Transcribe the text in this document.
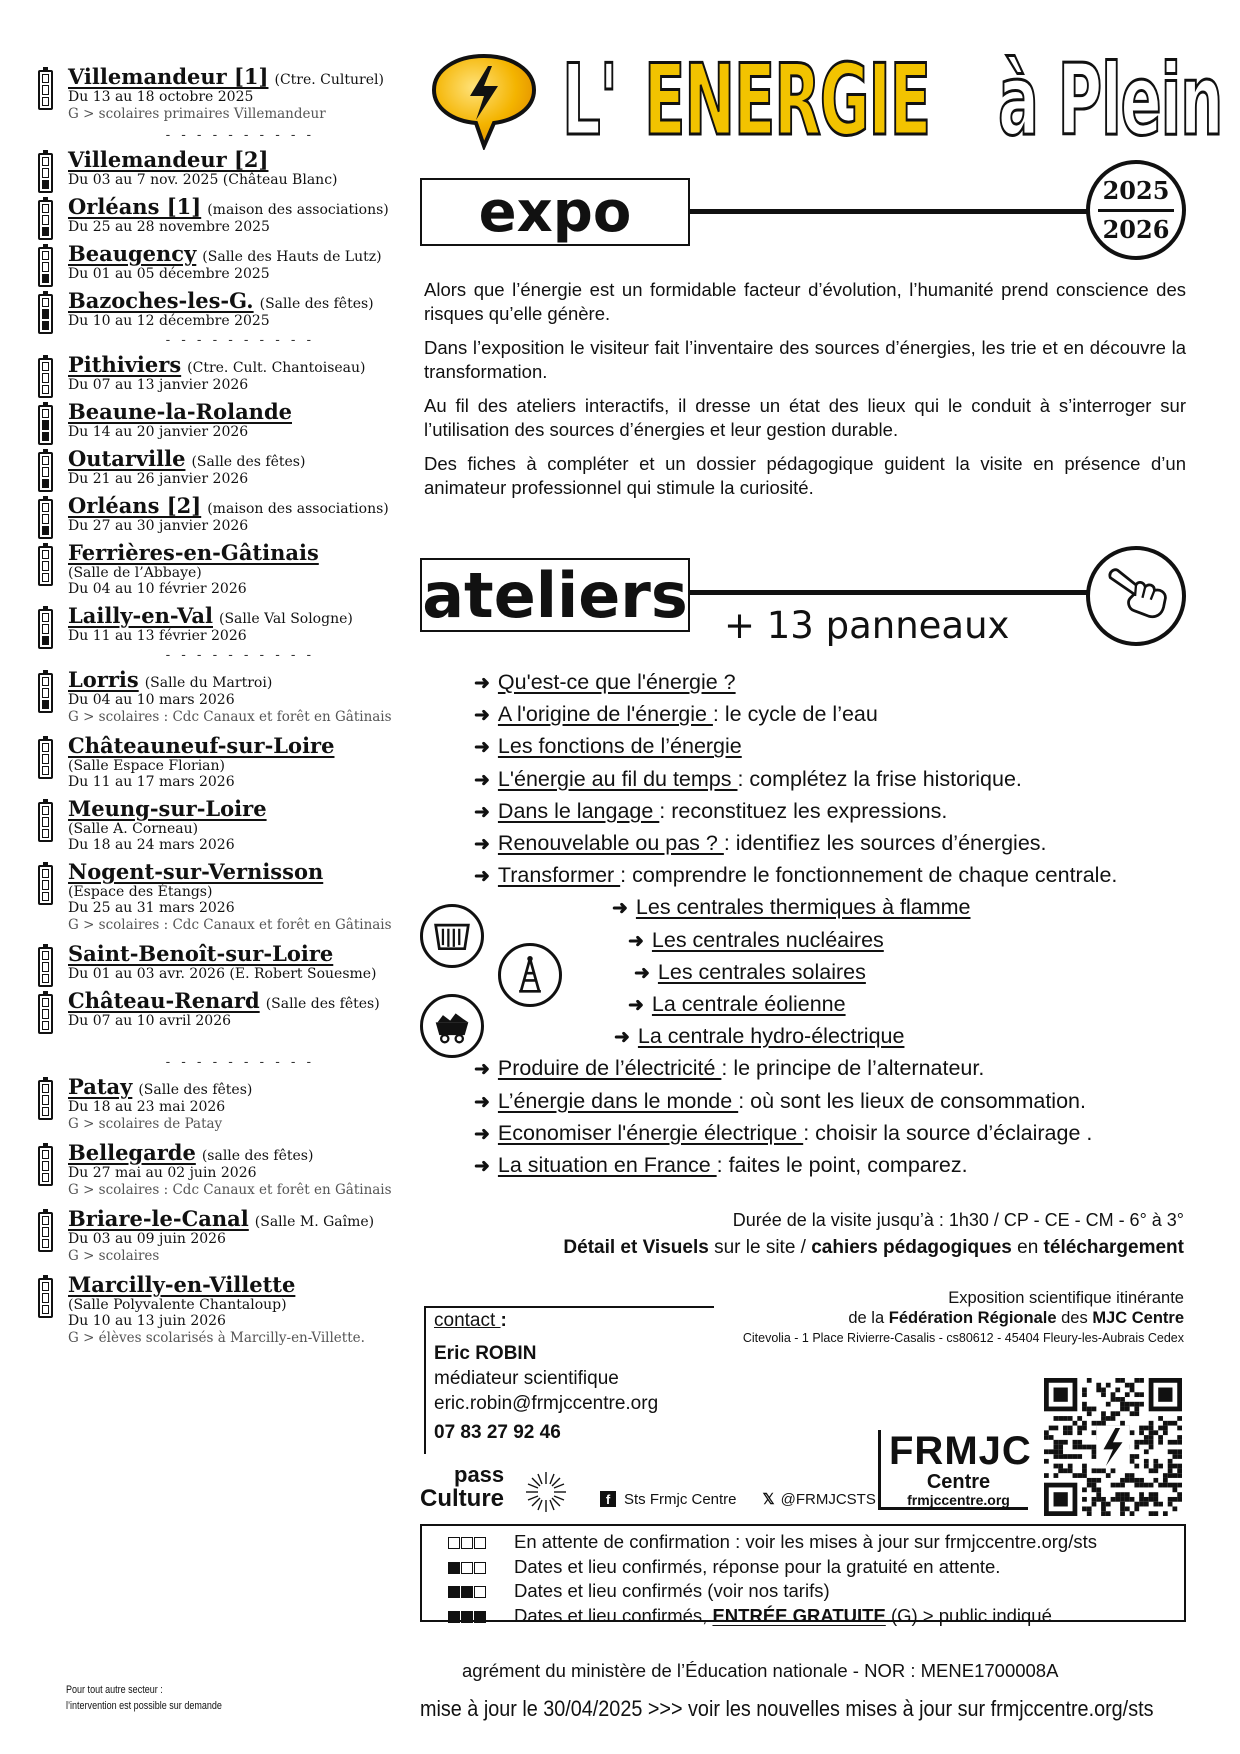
Villemandeur [1] (Ctre. Culturel)
Du 13 au 18 octobre 2025
G > scolaires primaires Villemandeur
- - - - - - - - - -
Villemandeur [2]
Du 03 au 7 nov. 2025 (Château Blanc)
Orléans [1] (maison des associations)
Du 25 au 28 novembre 2025
Beaugency (Salle des Hauts de Lutz)
Du 01 au 05 décembre 2025
Bazoches-les-G. (Salle des fêtes)
Du 10 au 12 décembre 2025
- - - - - - - - - -
Pithiviers (Ctre. Cult. Chantoiseau)
Du 07 au 13 janvier 2026
Beaune-la-Rolande
Du 14 au 20 janvier 2026
Outarville (Salle des fêtes)
Du 21 au 26 janvier 2026
Orléans [2] (maison des associations)
Du 27 au 30 janvier 2026
Ferrières-en-Gâtinais
(Salle de l’Abbaye)
Du 04 au 10 février 2026
Lailly-en-Val (Salle Val Sologne)
Du 11 au 13 février 2026
- - - - - - - - - -
Lorris (Salle du Martroi)
Du 04 au 10 mars 2026
G > scolaires : Cdc Canaux et forêt en Gâtinais
Châteauneuf-sur-Loire
(Salle Espace Florian)
Du 11 au 17 mars 2026
Meung-sur-Loire
(Salle A. Corneau)
Du 18 au 24 mars 2026
Nogent-sur-Vernisson
(Espace des Étangs)
Du 25 au 31 mars 2026
G > scolaires : Cdc Canaux et forêt en Gâtinais
Saint-Benoît-sur-Loire
Du 01 au 03 avr. 2026 (E. Robert Souesme)
Château-Renard (Salle des fêtes)
Du 07 au 10 avril 2026
- - - - - - - - - -
Patay (Salle des fêtes)
Du 18 au 23 mai 2026
G > scolaires de Patay
Bellegarde (salle des fêtes)
Du 27 mai au 02 juin 2026
G > scolaires : Cdc Canaux et forêt en Gâtinais
Briare-le-Canal (Salle M. Gaîme)
Du 03 au 09 juin 2026
G > scolaires
Marcilly-en-Villette
(Salle Polyvalente Chantaloup)
Du 10 au 13 juin 2026
G > élèves scolarisés à Marcilly-en-Villette.
Pour tout autre secteur :
l’intervention est possible sur demande
L' ENERGIE à Plein
expo	2025
2026

Alors que l’énergie est un formidable facteur d’évolution, l’humanité prend conscience des risques qu’elle génère.

Dans l’exposition le visiteur fait l’inventaire des sources d’énergies, les trie et en découvre la transformation.

Au fil des ateliers interactifs, il dresse un état des lieux qui le conduit à s’interroger sur l’utilisation des sources d’énergies et leur gestion durable.

Des fiches à compléter et un dossier pédagogique guident la visite en présence d’un animateur professionnel qui stimule la curiosité.

ateliers + 13 panneaux
➜ Qu'est-ce que l'énergie ?
➜ A l'origine de l'énergie : le cycle de l’eau
➜ Les fonctions de l’énergie
➜ L'énergie au fil du temps : complétez la frise historique.
➜ Dans le langage : reconstituez les expressions.
➜ Renouvelable ou pas ? : identifiez les sources d’énergies.
➜ Transformer : comprendre le fonctionnement de chaque centrale.
➜ Les centrales thermiques à flamme
➜ Les centrales nucléaires
➜ Les centrales solaires
➜ La centrale éolienne
➜ La centrale hydro-électrique
➜ Produire de l’électricité : le principe de l’alternateur.
➜ L’énergie dans le monde : où sont les lieux de consommation.
➜ Economiser l'énergie électrique : choisir la source d’éclairage .
➜ La situation en France : faites le point, comparez.
Durée de la visite jusqu’à : 1h30 / CP - CE - CM - 6° à 3°
Détail et Visuels sur le site / cahiers pédagogiques en téléchargement
contact :
Eric ROBIN
médiateur scientifique
eric.robin@frmjccentre.org
07 83 27 92 46
Exposition scientifique itinérante
de la Fédération Régionale des MJC Centre
Citevolia - 1 Place Rivierre-Casalis - cs80612 - 45404 Fleury-les-Aubrais Cedex
pass
Culture	f Sts Frmjc Centre 𝕏 @FRMJCSTS
FRMJC
Centre
frmjccentre.org
En attente de confirmation : voir les mises à jour sur frmjccentre.org/sts
Dates et lieu confirmés, réponse pour la gratuité en attente.
Dates et lieu confirmés (voir nos tarifs)
Dates et lieu confirmés, ENTRÉE GRATUITE (G) > public indiqué
agrément du ministère de l’Éducation nationale - NOR : MENE1700008A
mise à jour le 30/04/2025 >>> voir les nouvelles mises à jour sur frmjccentre.org/sts
